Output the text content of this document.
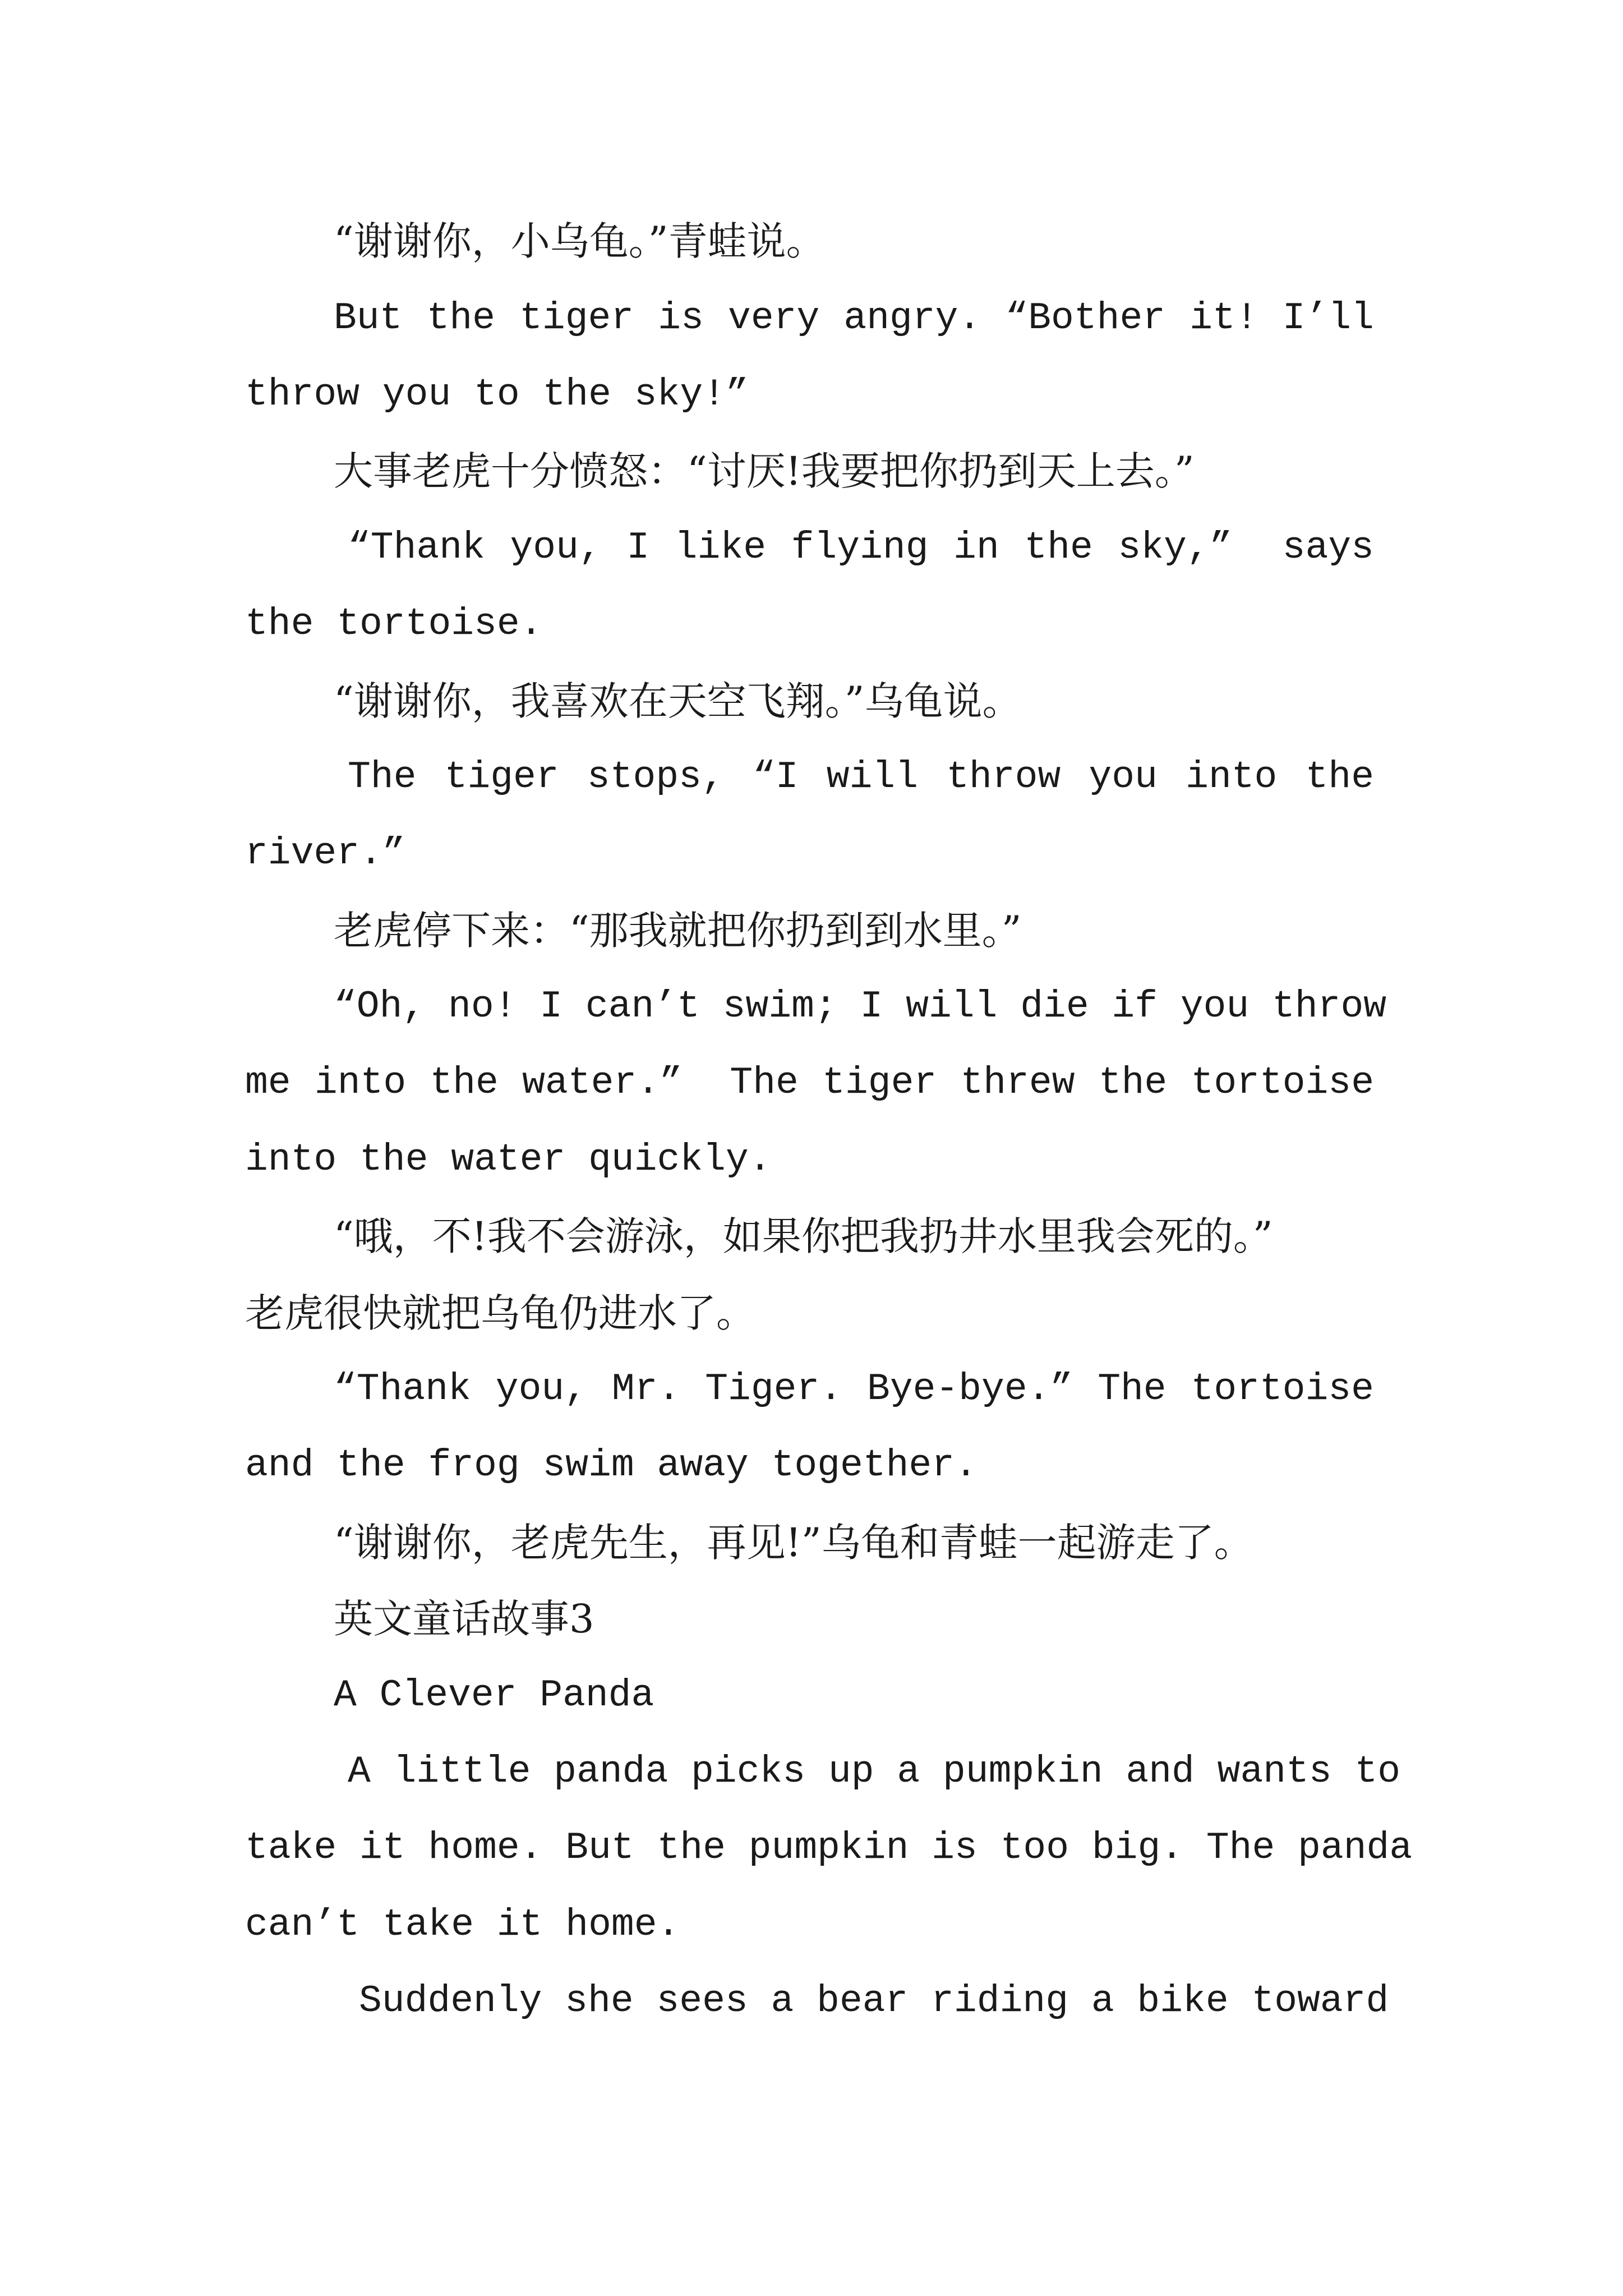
“谢谢你，小乌龟。”青蛙说。
But the tiger is very angry. “Bother it! I’ll
throw you to the sky!”
大事老虎十分愤怒：“讨厌!我要把你扔到天上去。”
“Thank you, I like flying in the sky,”  says
the tortoise.
“谢谢你，我喜欢在天空飞翔。”乌龟说。
The tiger stops, “I will throw you into the
river.”
老虎停下来：“那我就把你扔到到水里。”
“Oh, no! I can’t swim; I will die if you throw
me into the water.”  The tiger threw the tortoise
into the water quickly.
“哦，不!我不会游泳，如果你把我扔井水里我会死的。”
老虎很快就把乌龟仍进水了。
“Thank you, Mr. Tiger. Bye-bye.” The tortoise
and the frog swim away together.
“谢谢你，老虎先生，再见!”乌龟和青蛙一起游走了。
英文童话故事3
A Clever Panda
A little panda picks up a pumpkin and wants to
take it home. But the pumpkin is too big. The panda
can’t take it home.
Suddenly she sees a bear riding a bike toward
